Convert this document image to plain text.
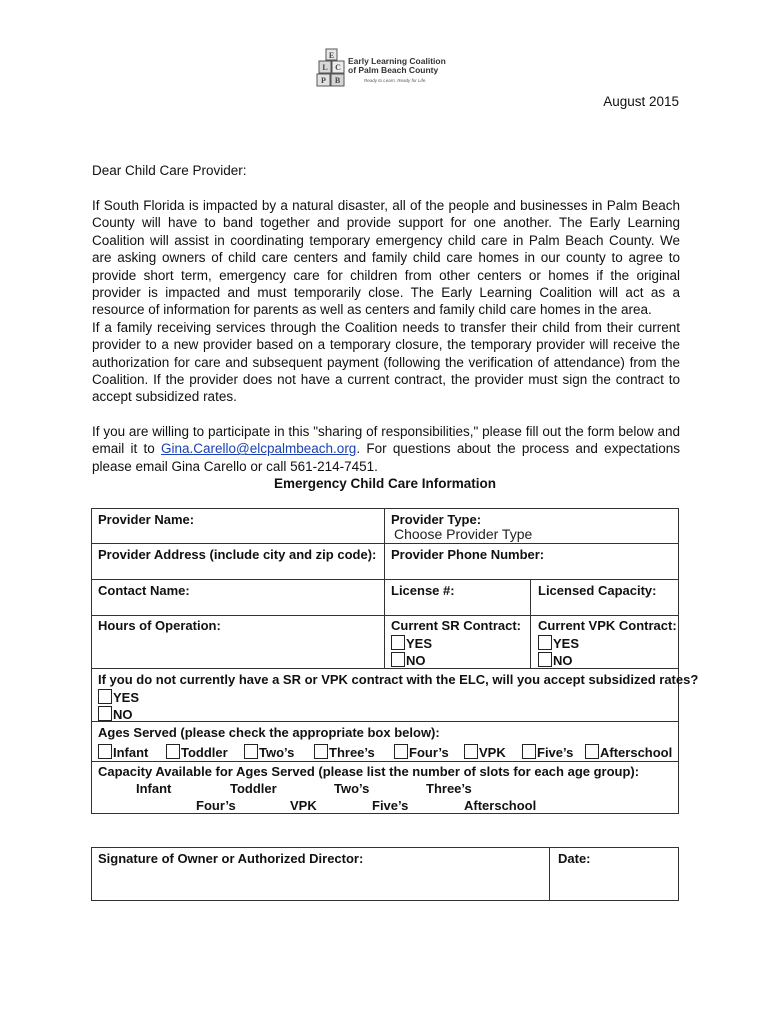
E
L C
P B
Early Learning Coalition
of Palm Beach County
Ready to Learn. Ready for Life.
August 2015
Dear Child Care Provider:

If South Florida is impacted by a natural disaster, all of the people and businesses in Palm Beach County will have to band together and provide support for one another. The Early Learning Coalition will assist in coordinating temporary emergency child care in Palm Beach County. We are asking owners of child care centers and family child care homes in our county to agree to provide short term, emergency care for children from other centers or homes if the original provider is impacted and must temporarily close. The Early Learning Coalition will act as a resource of information for parents as well as centers and family child care homes in the area.

If a family receiving services through the Coalition needs to transfer their child from their current provider to a new provider based on a temporary closure, the temporary provider will receive the authorization for care and subsequent payment (following the verification of attendance) from the Coalition. If the provider does not have a current contract, the provider must sign the contract to accept subsidized rates.

If you are willing to participate in this "sharing of responsibilities," please fill out the form below and email it to Gina.Carello@elcpalmbeach.org. For questions about the process and expectations please email Gina Carello or call 561-214-7451.

Emergency Child Care Information
Provider Name:	Provider Type:
Choose Provider Type
Provider Address (include city and zip code): Provider Phone Number:
Contact Name:	License #:	Licensed Capacity:
Hours of Operation:	Current SR Contract:
YES
NO
Current VPK Contract:
YES
NO
If you do not currently have a SR or VPK contract with the ELC, will you accept subsidized rates?
YES
NO
Ages Served (please check the appropriate box below):
Infant	Toddler	Two’s	Three’s	Four’s	VPK	Five’s	Afterschool
Capacity Available for Ages Served (please list the number of slots for each age group):
Infant	Toddler	Two’s	Three’s
Four’s	VPK	Five’s	Afterschool
Signature of Owner or Authorized Director:	Date:
